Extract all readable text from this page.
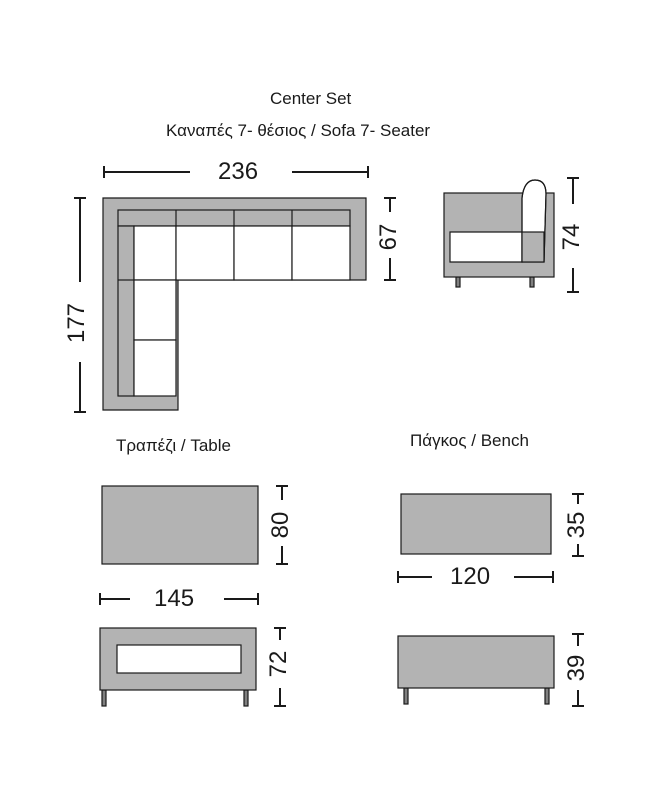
Center Set
Καναπές 7- θέσιος / Sofa 7- Seater
Τραπέζι / Table	Πάγκος / Bench
236
145
120
177
67	74
80
72
35
39
